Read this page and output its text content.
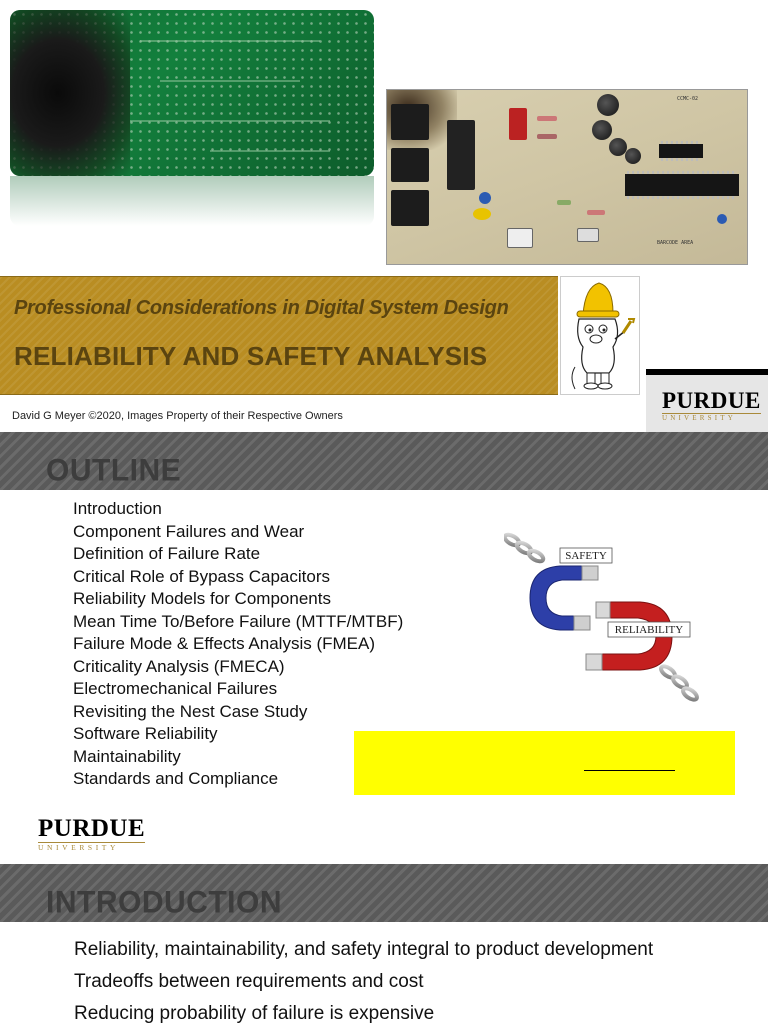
CCMC-02
BARCODE AREA
Professional Considerations in Digital System Design
RELIABILITY AND SAFETY ANALYSIS
PURDUE
UNIVERSITY
David G Meyer ©2020, Images Property of their Respective Owners
OUTLINE
Introduction
Component Failures and Wear
Definition of Failure Rate
Critical Role of Bypass Capacitors
Reliability Models for Components
Mean Time To/Before Failure (MTTF/MTBF)
Failure Mode & Effects Analysis (FMEA)
Criticality Analysis (FMECA)
Electromechanical Failures
Revisiting the Nest Case Study
Software Reliability
Maintainability
Standards and Compliance
SAFETY
RELIABILITY
PURDUE
UNIVERSITY
INTRODUCTION
Reliability, maintainability, and safety integral to product development
Tradeoffs between requirements and cost
Reducing probability of failure is expensive
